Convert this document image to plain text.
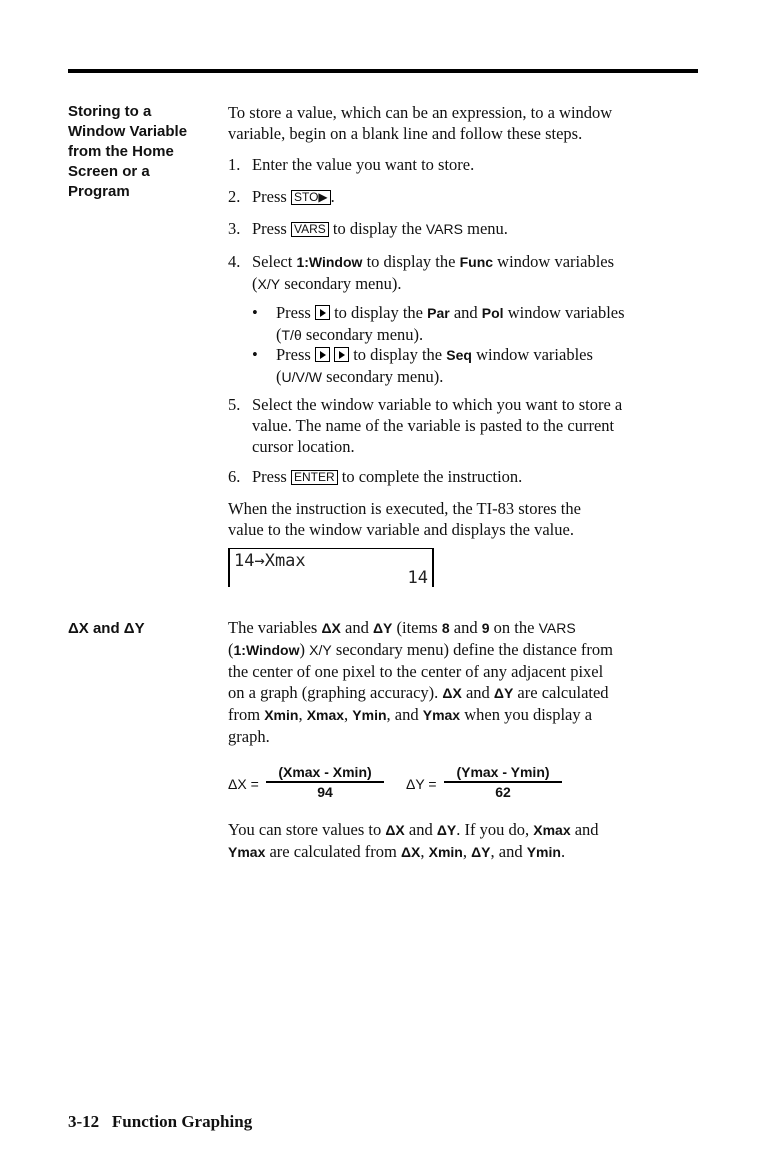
Storing to a
Window Variable
from the Home
Screen or a
Program
To store a value, which can be an expression, to a window
variable, begin on a blank line and follow these steps.
1. Enter the value you want to store.
2. Press STO▶ .
3. Press VARS to display the VARS menu.
4. Select 1:Window to display the Func window variables
(X/Y secondary menu).
• Press to display the Par and Pol window variables
(T/θ secondary menu).
• Press	to display the Seq window variables
(U/V/W secondary menu).
5. Select the window variable to which you want to store a
value. The name of the variable is pasted to the current
cursor location.
6. Press ENTER to complete the instruction.
When the instruction is executed, the TI-83 stores the
value to the window variable and displays the value.
14→Xmax
14
ΔX and ΔY	The variables ΔX and ΔY (items 8 and 9 on the VARS
(1:Window) X/Y secondary menu) define the distance from
the center of one pixel to the center of any adjacent pixel
on a graph (graphing accuracy). ΔX and ΔY are calculated
from Xmin, Xmax, Ymin, and Ymax when you display a
graph.
ΔX =
(Xmax - Xmin)
94	ΔY =
(Ymax - Ymin)
62
You can store values to ΔX and ΔY. If you do, Xmax and
Ymax are calculated from ΔX, Xmin, ΔY, and Ymin.
3-12   Function Graphing
